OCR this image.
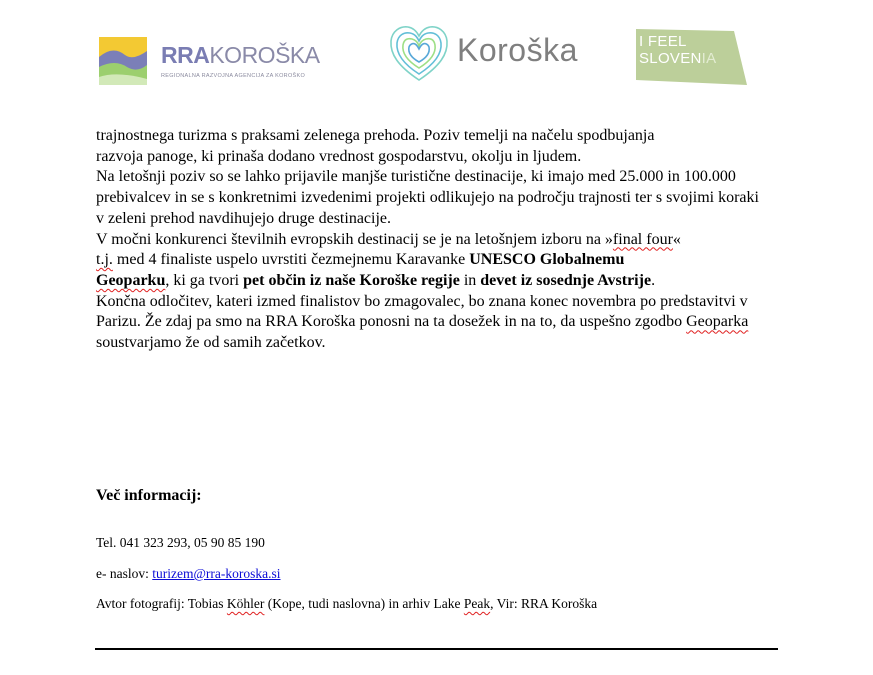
RRAKOROŠKA
REGIONALNA RAZVOJNA AGENCIJA ZA KOROŠKO
Koroška	I FEEL
SLOVENIA

trajnostnega turizma s praksami zelenega prehoda. Poziv temelji na načelu spodbujanja
razvoja panoge, ki prinaša dodano vrednost gospodarstvu, okolju in ljudem.

Na letošnji poziv so se lahko prijavile manjše turistične destinacije, ki imajo med 25.000 in 100.000 prebivalcev in se s konkretnimi izvedenimi projekti odlikujejo na področju trajnosti ter s svojimi koraki v zeleni prehod navdihujejo druge destinacije.

V močni konkurenci številnih evropskih destinacij se je na letošnjem izboru na »final four«
t.j. med 4 finaliste uspelo uvrstiti čezmejnemu Karavanke UNESCO Globalnemu
Geoparku, ki ga tvori pet občin iz naše Koroške regije in devet iz sosednje Avstrije.
Končna odločitev, kateri izmed finalistov bo zmagovalec, bo znana konec novembra po predstavitvi v Parizu. Že zdaj pa smo na RRA Koroška ponosni na ta dosežek in na to, da uspešno zgodbo Geoparka soustvarjamo že od samih začetkov.

Več informacij:
Tel. 041 323 293, 05 90 85 190
e- naslov: turizem@rra-koroska.si
Avtor fotografij: Tobias Köhler (Kope, tudi naslovna) in arhiv Lake Peak, Vir: RRA Koroška
